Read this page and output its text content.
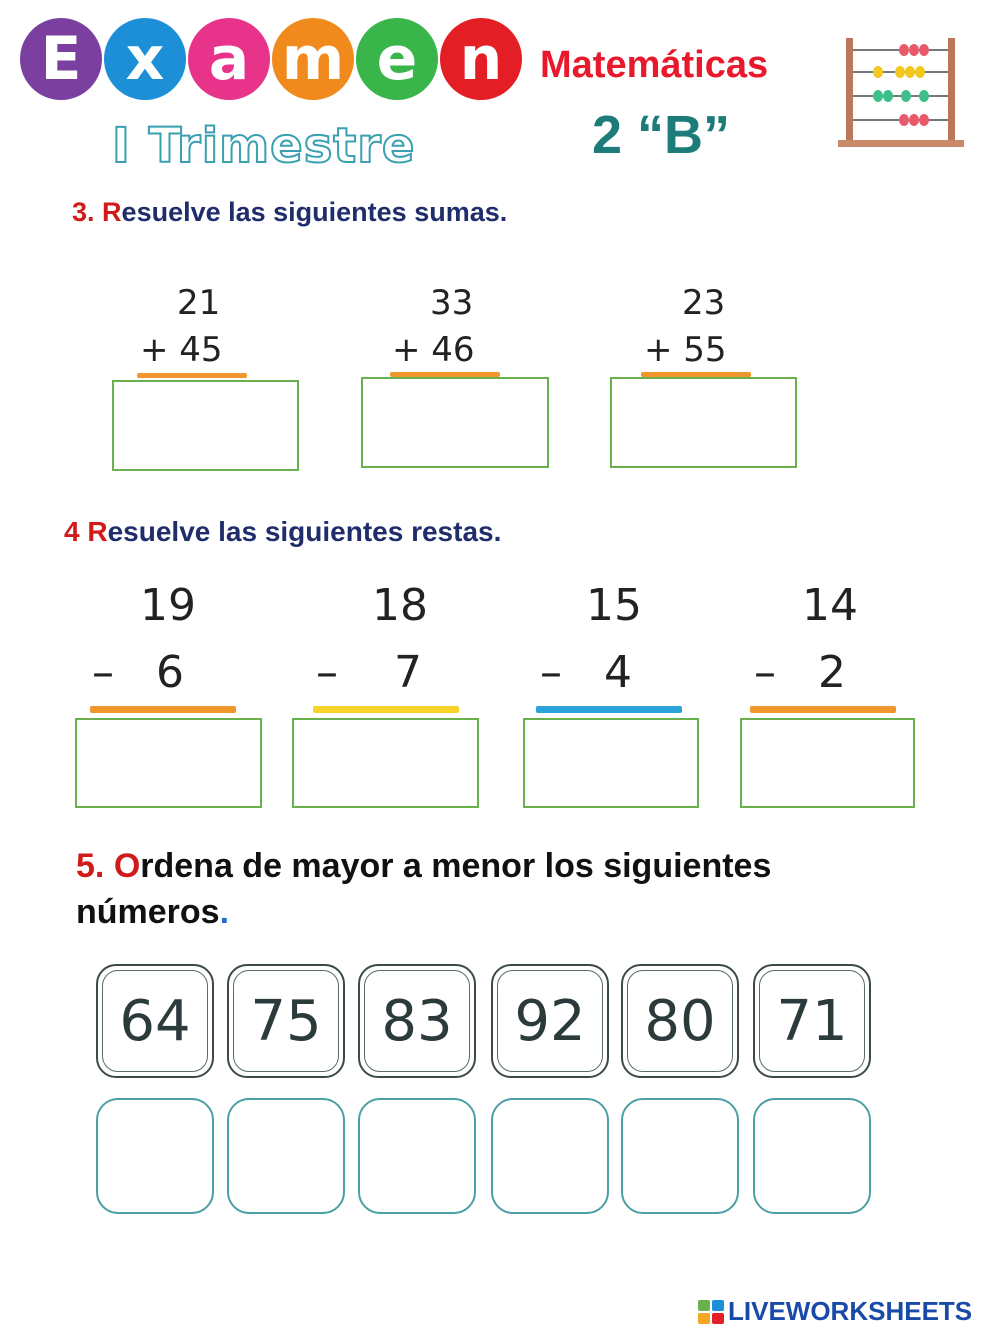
E x a m e n
I Trimestre
Matemáticas
2 “B”
3. Resuelve las siguientes sumas.
21
+ 45
33
+ 46
23
+ 55
4 Resuelve las siguientes restas.
19
–   6
18
–    7
15
–   4
14
–   2
5. Ordena de mayor a menor los siguientes números.
64 75 83 92 80 71
LIVEWORKSHEETS
